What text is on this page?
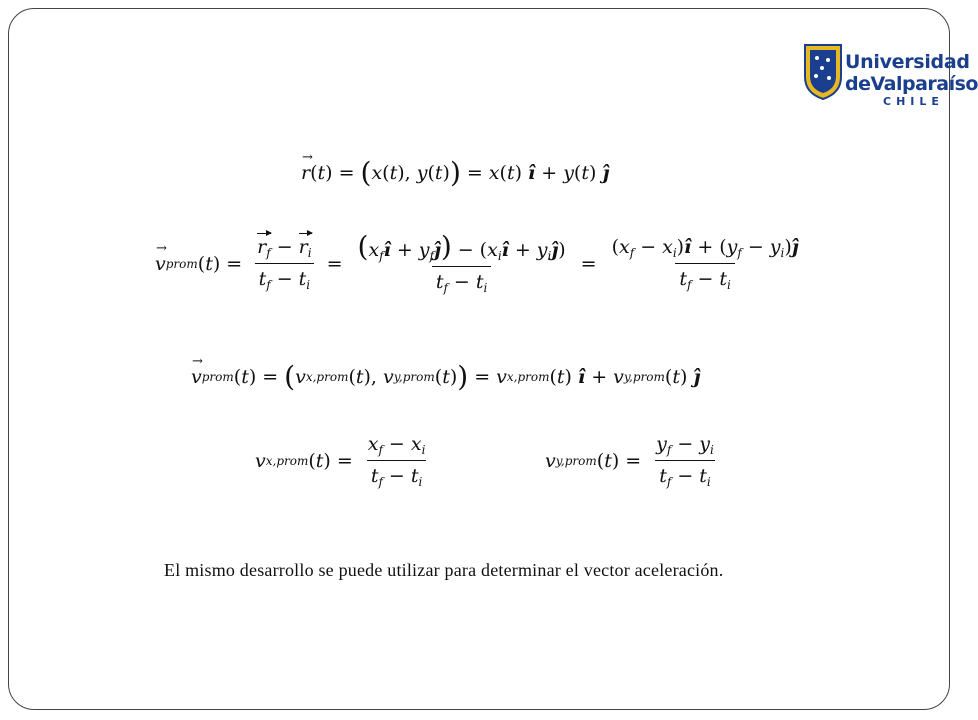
Universidad
deValparaíso
CHILE
→ r ( t ) = ( x ( t ), y ( t ) ) = x ( t )
î + y ( t )
ĵ
→ v prom ( t ) = $\frac{r_f - r_i}{t_f - t_i} = \frac{(x_fî + y_fĵ) - (x_iî + y_iĵ)}{t_f - t_i} = \frac{(x_f - x_i)î + (y_f - y_i)ĵ}{t_f - t_i}$
→ v prom ( t ) = ( v x,prom ( t ), v y,prom ( t ) ) = v x,prom ( t )
î + v y,prom ( t )
ĵ
v x,prom ( t ) = $\frac{x_f - x_i}{t_f - t_i}$	v y,prom ( t ) = $\frac{y_f - y_i}{t_f - t_i}$
El mismo desarrollo se puede utilizar para determinar el vector aceleración.
